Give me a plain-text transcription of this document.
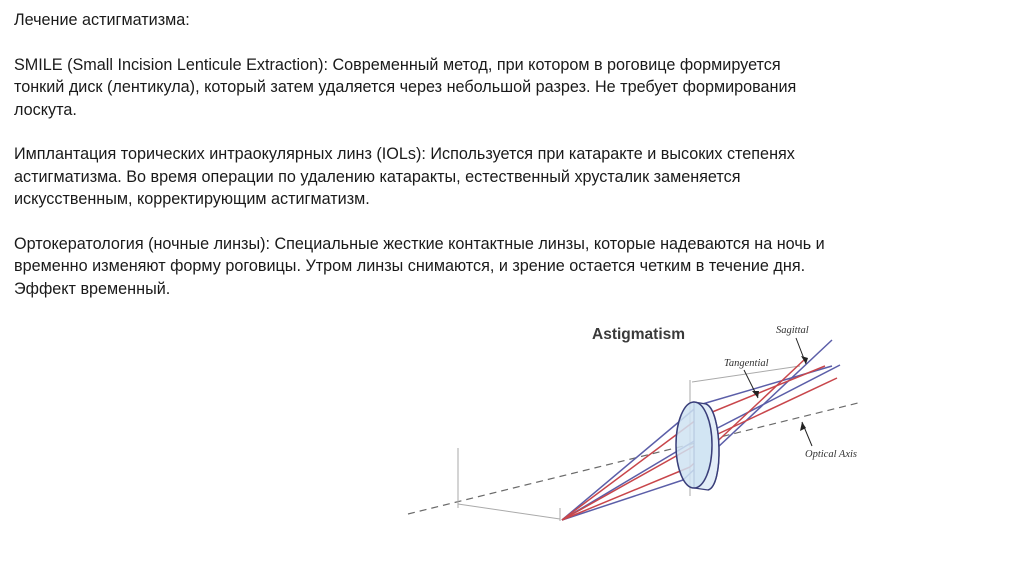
Лечение астигматизма:

SMILE (Small Incision Lenticule Extraction): Современный метод, при котором в роговице формируется

тонкий диск (лентикула), который затем удаляется через небольшой разрез. Не требует формирования

лоскута.

Имплантация торических интраокулярных линз (IOLs): Используется при катаракте и высоких степенях

астигматизма. Во время операции по удалению катаракты, естественный хрусталик заменяется

искусственным, корректирующим астигматизм.

Ортокератология (ночные линзы): Специальные жесткие контактные линзы, которые надеваются на ночь и

временно изменяют форму роговицы. Утром линзы снимаются, и зрение остается четким в течение дня.

Эффект временный.

Astigmatism	Sagittal
Tangential
Optical Axis
